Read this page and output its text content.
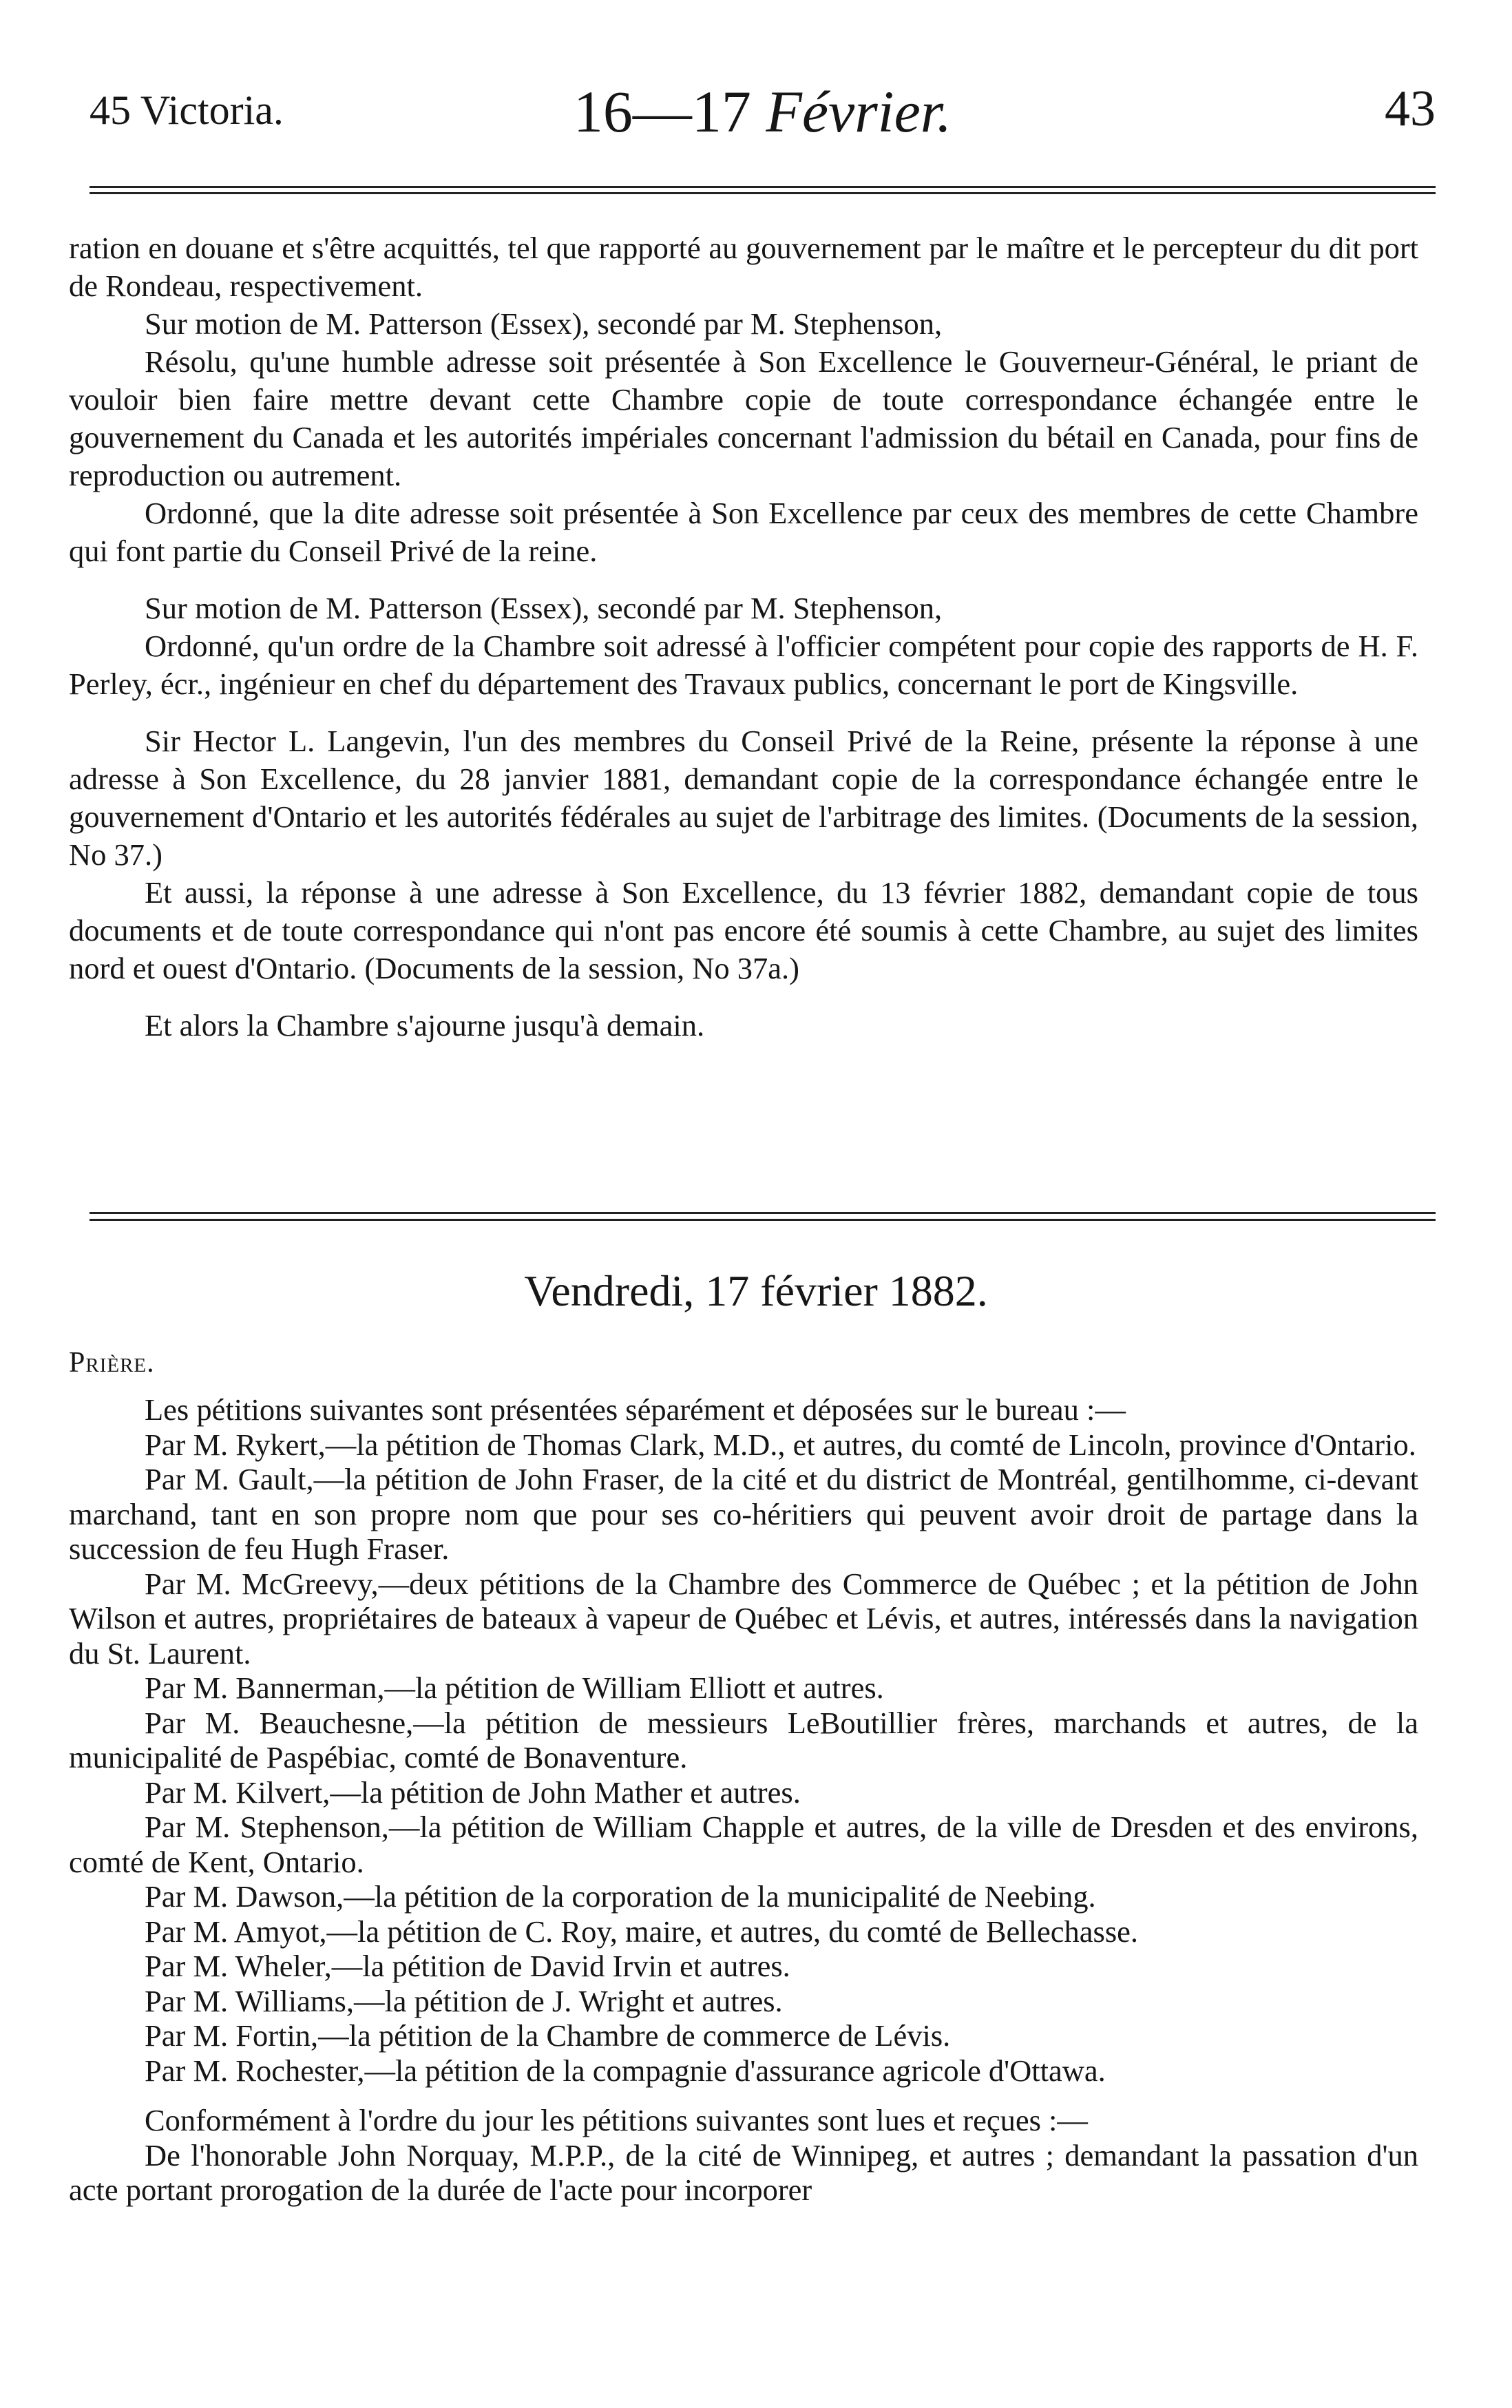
45 Victoria.	16—17 Février.	43

ration en douane et s'être acquittés, tel que rapporté au gouvernement par le maître et le percepteur du dit port de Rondeau, respectivement.

Sur motion de M. Patterson (Essex), secondé par M. Stephenson,

Résolu, qu'une humble adresse soit présentée à Son Excellence le Gouverneur-Général, le priant de vouloir bien faire mettre devant cette Chambre copie de toute correspondance échangée entre le gouvernement du Canada et les autorités impériales concernant l'admission du bétail en Canada, pour fins de reproduction ou autrement.

Ordonné, que la dite adresse soit présentée à Son Excellence par ceux des membres de cette Chambre qui font partie du Conseil Privé de la reine.

Sur motion de M. Patterson (Essex), secondé par M. Stephenson,

Ordonné, qu'un ordre de la Chambre soit adressé à l'officier compétent pour copie des rapports de H. F. Perley, écr., ingénieur en chef du département des Travaux publics, concernant le port de Kingsville.

Sir Hector L. Langevin, l'un des membres du Conseil Privé de la Reine, présente la réponse à une adresse à Son Excellence, du 28 janvier 1881, demandant copie de la correspondance échangée entre le gouvernement d'Ontario et les autorités fédérales au sujet de l'arbitrage des limites. (Documents de la session, No 37.)

Et aussi, la réponse à une adresse à Son Excellence, du 13 février 1882, demandant copie de tous documents et de toute correspondance qui n'ont pas encore été soumis à cette Chambre, au sujet des limites nord et ouest d'Ontario. (Documents de la session, No 37a.)

Et alors la Chambre s'ajourne jusqu'à demain.

Vendredi, 17 février 1882.
Prière.

Les pétitions suivantes sont présentées séparément et déposées sur le bureau :—

Par M. Rykert,—la pétition de Thomas Clark, M.D., et autres, du comté de Lincoln, province d'Ontario.

Par M. Gault,—la pétition de John Fraser, de la cité et du district de Montréal, gentilhomme, ci-devant marchand, tant en son propre nom que pour ses co-héritiers qui peuvent avoir droit de partage dans la succession de feu Hugh Fraser.

Par M. McGreevy,—deux pétitions de la Chambre des Commerce de Québec ; et la pétition de John Wilson et autres, propriétaires de bateaux à vapeur de Québec et Lévis, et autres, intéressés dans la navigation du St. Laurent.

Par M. Bannerman,—la pétition de William Elliott et autres.

Par M. Beauchesne,—la pétition de messieurs LeBoutillier frères, marchands et autres, de la municipalité de Paspébiac, comté de Bonaventure.

Par M. Kilvert,—la pétition de John Mather et autres.

Par M. Stephenson,—la pétition de William Chapple et autres, de la ville de Dresden et des environs, comté de Kent, Ontario.

Par M. Dawson,—la pétition de la corporation de la municipalité de Neebing.

Par M. Amyot,—la pétition de C. Roy, maire, et autres, du comté de Bellechasse.

Par M. Wheler,—la pétition de David Irvin et autres.

Par M. Williams,—la pétition de J. Wright et autres.

Par M. Fortin,—la pétition de la Chambre de commerce de Lévis.

Par M. Rochester,—la pétition de la compagnie d'assurance agricole d'Ottawa.

Conformément à l'ordre du jour les pétitions suivantes sont lues et reçues :—

De l'honorable John Norquay, M.P.P., de la cité de Winnipeg, et autres ; demandant la passation d'un acte portant prorogation de la durée de l'acte pour incorporer
